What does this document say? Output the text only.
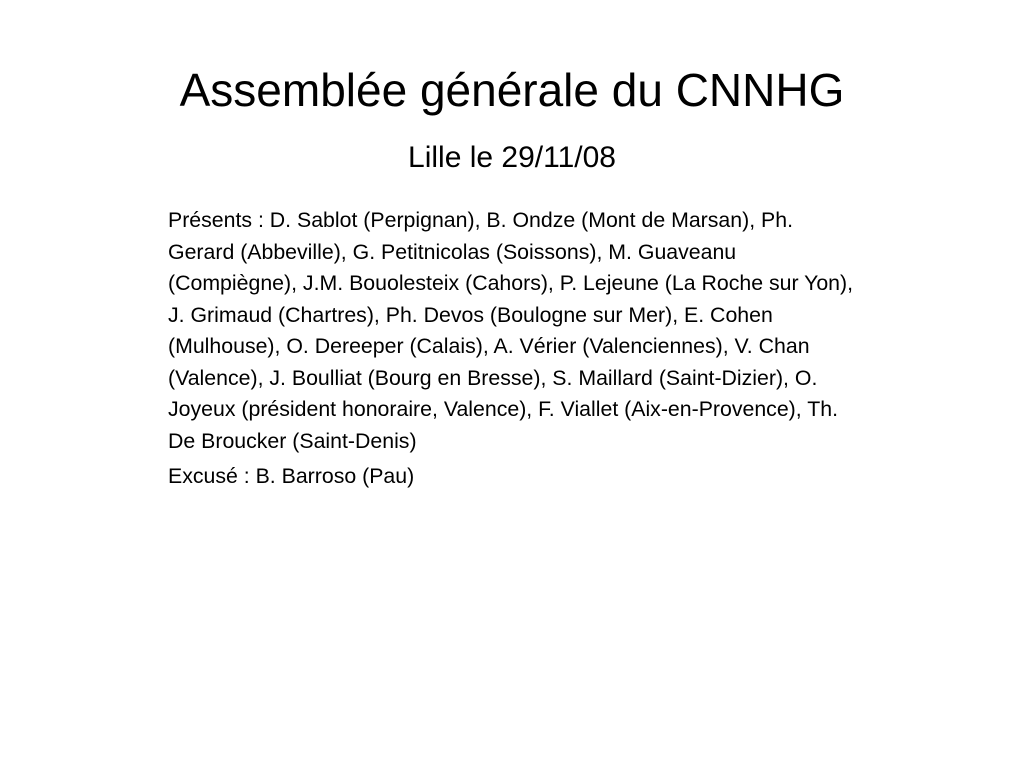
Assemblée générale du CNNHG
Lille le 29/11/08

Présents : D. Sablot (Perpignan), B. Ondze (Mont de Marsan), Ph. Gerard (Abbeville), G. Petitnicolas (Soissons), M. Guaveanu (Compiègne), J.M. Bouolesteix (Cahors), P. Lejeune (La Roche sur Yon), J. Grimaud (Chartres), Ph. Devos (Boulogne sur Mer), E. Cohen (Mulhouse), O. Dereeper (Calais), A. Vérier (Valenciennes), V. Chan (Valence), J. Boulliat (Bourg en Bresse), S. Maillard (Saint-Dizier), O. Joyeux (président honoraire, Valence), F. Viallet (Aix-en-Provence), Th. De Broucker (Saint-Denis)

Excusé : B. Barroso (Pau)
